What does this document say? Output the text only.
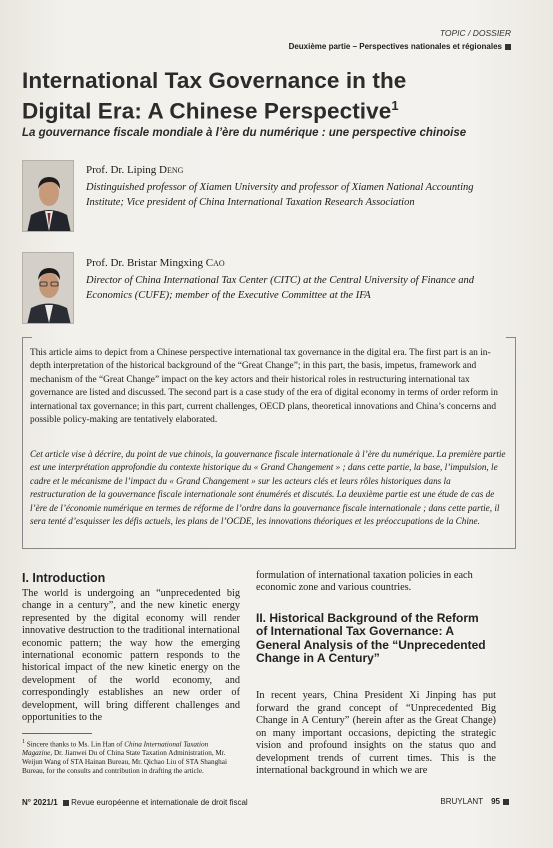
TOPIC / DOSSIER
Deuxième partie – Perspectives nationales et régionales
International Tax Governance in the
Digital Era: A Chinese Perspective$^1$
La gouvernance fiscale mondiale à l’ère du numérique : une perspective chinoise
Prof. Dr. Liping Deng
Distinguished professor of Xiamen University and professor of Xiamen National Accounting Institute; Vice president of China International Taxation Research Association
Prof. Dr. Bristar Mingxing Cao
Director of China International Tax Center (CITC) at the Central University of Finance and Economics (CUFE); member of the Executive Committee at the IFA
This article aims to depict from a Chinese perspective international tax governance in the digital era. The first part is an in-depth interpretation of the historical background of the “Great Change”; in this part, the basis, impetus, framework and mechanism of the “Great Change” impact on the key actors and their historical roles in restructuring international tax governance are listed and discussed. The second part is a case study of the era of digital economy in terms of order reform in international tax governance; in this part, current challenges, OECD plans, theoretical innovations and China’s concerns and possible policy-making are tentatively elaborated.
Cet article vise à décrire, du point de vue chinois, la gouvernance fiscale internationale à l’ère du numérique. La première partie est une interprétation approfondie du contexte historique du « Grand Changement » ; dans cette partie, la base, l’impulsion, le cadre et le mécanisme de l’impact du « Grand Changement » sur les acteurs clés et leurs rôles historiques dans la restructuration de la gouvernance fiscale internationale sont énumérés et discutés. La deuxième partie est une étude de cas de l’ère de l’économie numérique en termes de réforme de l’ordre dans la gouvernance fiscale internationale ; dans cette partie, il sera tenté d’esquisser les défis actuels, les plans de l’OCDE, les innovations théoriques et les préoccupations de la Chine.
I. Introduction
The world is undergoing an “unprecedented big change in a century”, and the new kinetic energy represented by the digital economy will render innovative destruction to the traditional international economic pattern; the way how the emerging international economic pattern responds to the historical impact of the new kinetic energy on the development of the world economy, and correspondingly establishes an new order of development, will bring different challenges and opportunities to the
$^1$ Sincere thanks to Ms. Lin Han of China International Taxation Magazine, Dr. Jianwei Du of China State Taxation Administration, Mr. Weijun Wang of STA Hainan Bureau, Mr. Qichao Liu of STA Shanghai Bureau, for the consults and contribution in drafting the article.
formulation of international taxation policies in each economic zone and various countries.
II. Historical Background of the Reform of International Tax Governance: A General Analysis of the “Unprecedented Change in A Century”
In recent years, China President Xi Jinping has put forward the grand concept of “Unprecedented Big Change in A Century” (herein after as the Great Change) on many important occasions, depicting the strategic vision and profound insights on the status quo and development trends of current times. This is the international background in which we are
N° 2021/1 Revue européenne et internationale de droit fiscal	BRUYLANT 95
